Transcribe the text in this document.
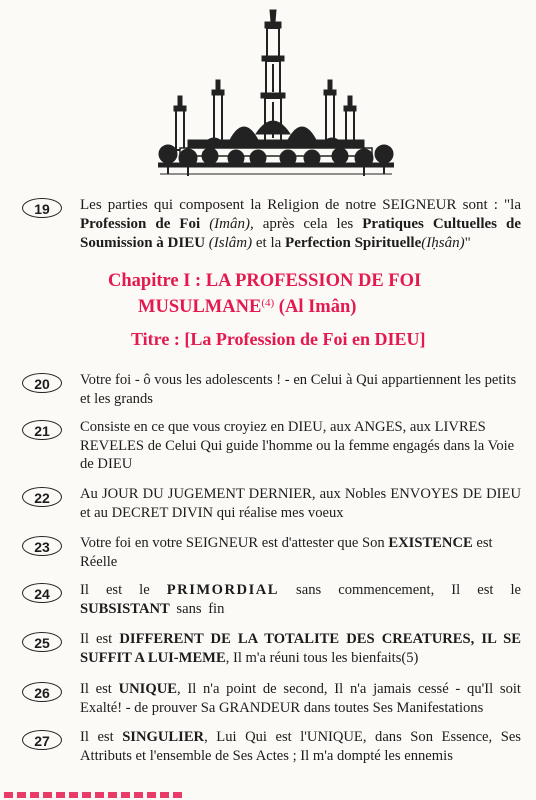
19	Les parties qui composent la Religion de notre SEIGNEUR sont : "la Profession de Foi (Imân), après cela les Pratiques Cultuelles de Soumission à DIEU (Islâm) et la Perfection Spirituelle(Iḥsân)"
Chapitre I : LA PROFESSION DE FOI
MUSULMANE$^{(4)}$ (Al Imân)
Titre : [La Profession de Foi en DIEU]
20	Votre foi - ô vous les adolescents ! - en Celui à Qui appartiennent les petits et les grands
21	Consiste en ce que vous croyiez en DIEU, aux ANGES, aux LIVRES REVELES de Celui Qui guide l'homme ou la femme engagés dans la Voie de DIEU
22	Au JOUR DU JUGEMENT DERNIER, aux Nobles ENVOYES DE DIEU et au DECRET DIVIN qui réalise mes voeux
23	Votre foi en votre SEIGNEUR est d'attester que Son EXISTENCE est Réelle
24	Il est le PRIMORDIAL sans commencement, Il est le SUBSISTANT sans fin
25	Il est DIFFERENT DE LA TOTALITE DES CREATURES, IL SE SUFFIT A LUI-MEME, Il m'a réuni tous les bienfaits(5)
26	Il est UNIQUE, Il n'a point de second, Il n'a jamais cessé - qu'Il soit Exalté! - de prouver Sa GRANDEUR dans toutes Ses Manifestations
27	Il est SINGULIER, Lui Qui est l'UNIQUE, dans Son Essence, Ses Attributs et l'ensemble de Ses Actes ; Il m'a dompté les ennemis
